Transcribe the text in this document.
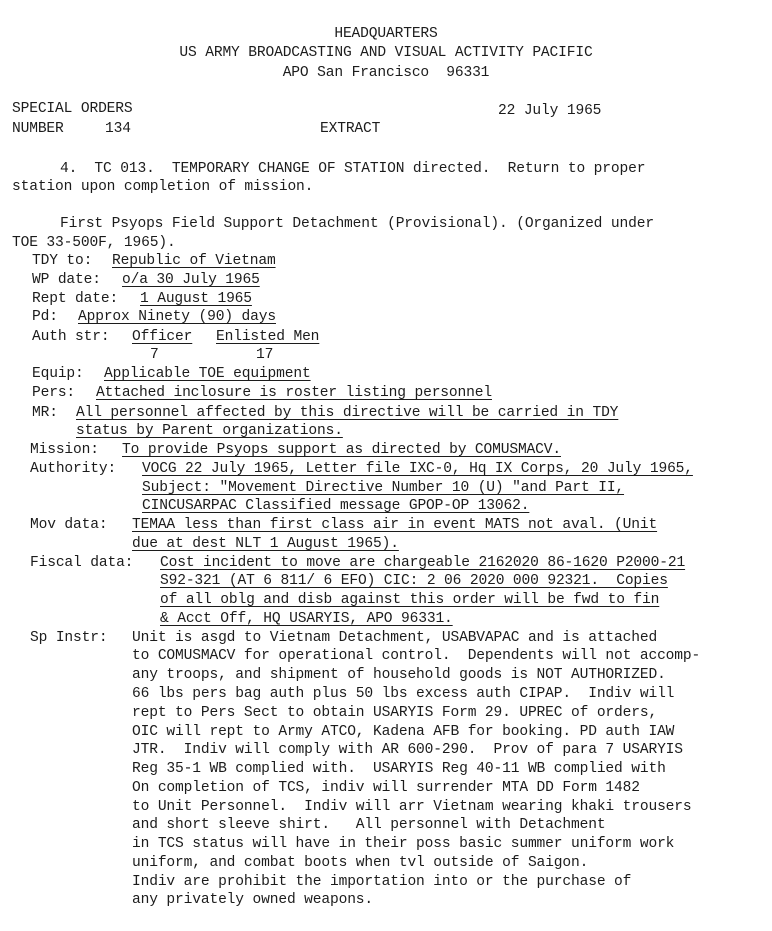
HEADQUARTERS
US ARMY BROADCASTING AND VISUAL ACTIVITY PACIFIC
APO San Francisco  96331
SPECIAL ORDERS	22 July 1965
NUMBER	134	EXTRACT
4.  TC 013.  TEMPORARY CHANGE OF STATION directed.  Return to proper
station upon completion of mission.
First Psyops Field Support Detachment (Provisional). (Organized under
TOE 33-500F, 1965).
TDY to: Republic of Vietnam
WP date: o/a 30 July 1965
Rept date: 1 August 1965
Pd: Approx Ninety (90) days
Auth str: Officer Enlisted Men
7	17
Equip: Applicable TOE equipment
Pers: Attached inclosure is roster listing personnel
MR: All personnel affected by this directive will be carried in TDY
status by Parent organizations.
Mission: To provide Psyops support as directed by COMUSMACV.
Authority: VOCG 22 July 1965, Letter file IXC-0, Hq IX Corps, 20 July 1965,
Subject: "Movement Directive Number 10 (U) "and Part II,
CINCUSARPAC Classified message GPOP-OP 13062.
Mov data: TEMAA less than first class air in event MATS not aval. (Unit
due at dest NLT 1 August 1965).
Fiscal data: Cost incident to move are chargeable 2162020 86-1620 P2000-21
S92-321 (AT 6 811/ 6 EFO) CIC: 2 06 2020 000 92321.  Copies
of all oblg and disb against this order will be fwd to fin
& Acct Off, HQ USARYIS, APO 96331.
Sp Instr: Unit is asgd to Vietnam Detachment, USABVAPAC and is attached
to COMUSMACV for operational control.  Dependents will not accomp-
any troops, and shipment of household goods is NOT AUTHORIZED.
66 lbs pers bag auth plus 50 lbs excess auth CIPAP.  Indiv will
rept to Pers Sect to obtain USARYIS Form 29. UPREC of orders,
OIC will rept to Army ATCO, Kadena AFB for booking. PD auth IAW
JTR.  Indiv will comply with AR 600-290.  Prov of para 7 USARYIS
Reg 35-1 WB complied with.  USARYIS Reg 40-11 WB complied with
On completion of TCS, indiv will surrender MTA DD Form 1482
to Unit Personnel.  Indiv will arr Vietnam wearing khaki trousers
and short sleeve shirt.   All personnel with Detachment
in TCS status will have in their poss basic summer uniform work
uniform, and combat boots when tvl outside of Saigon.
Indiv are prohibit the importation into or the purchase of
any privately owned weapons.
